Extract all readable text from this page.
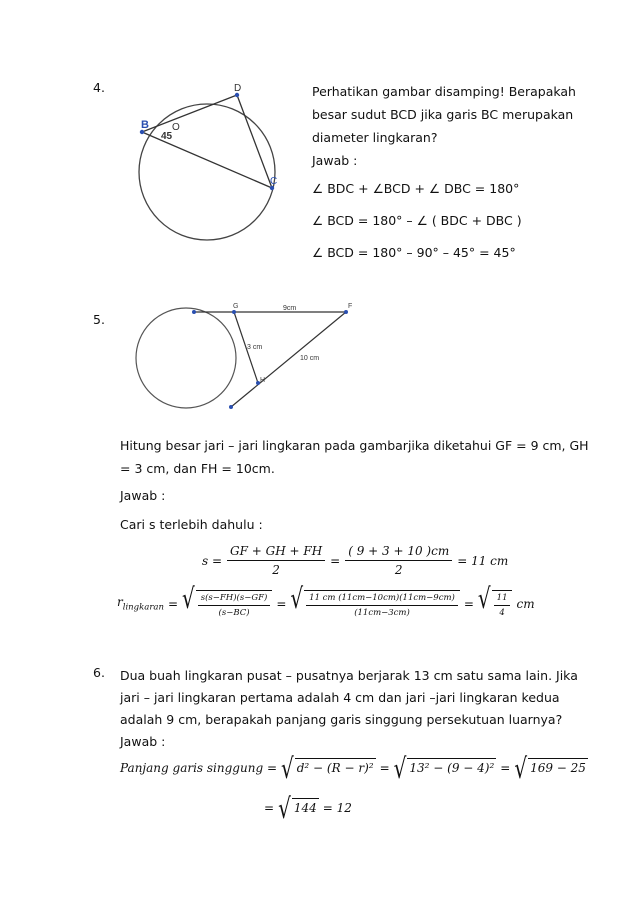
4.
B
D
C
O
45
Perhatikan gambar disamping! Berapakah
besar sudut BCD jika garis BC merupakan
diameter lingkaran?
Jawab :
∠ BDC + ∠BCD + ∠ DBC = 180°
∠ BCD = 180° – ∠ ( BDC + DBC )
∠ BCD = 180° – 90° – 45° = 45°
5.
G	F
H
9cm
3 cm
10 cm
Hitung besar jari – jari lingkaran pada gambarjika diketahui GF = 9 cm, GH
= 3 cm, dan FH = 10cm.
Jawab :
Cari s terlebih dahulu :
$s = \frac{GF + GH + FH}{2} = \frac{( 9 + 3 + 10 )cm}{2} = 11$ cm
$r_{lingkaran}$ = √ $\frac{s(s-FH)(s-GF)}{(s-BC)}$ = √ $\frac{11 cm (11cm-10cm)(11cm-9cm)}{(11cm-3cm)}$ = √ $\frac{11}{4}$ cm
6. Dua buah lingkaran pusat – pusatnya berjarak 13 cm satu sama lain. Jika
jari – jari lingkaran pertama adalah 4 cm dan jari –jari lingkaran kedua
adalah 9 cm, berapakah panjang garis singgung persekutuan luarnya?
Jawab :
Panjang garis singgung = √ d² − (R − r)² = √ 13² − (9 − 4)² = √ 169 − 25
= √ 144 = 12
